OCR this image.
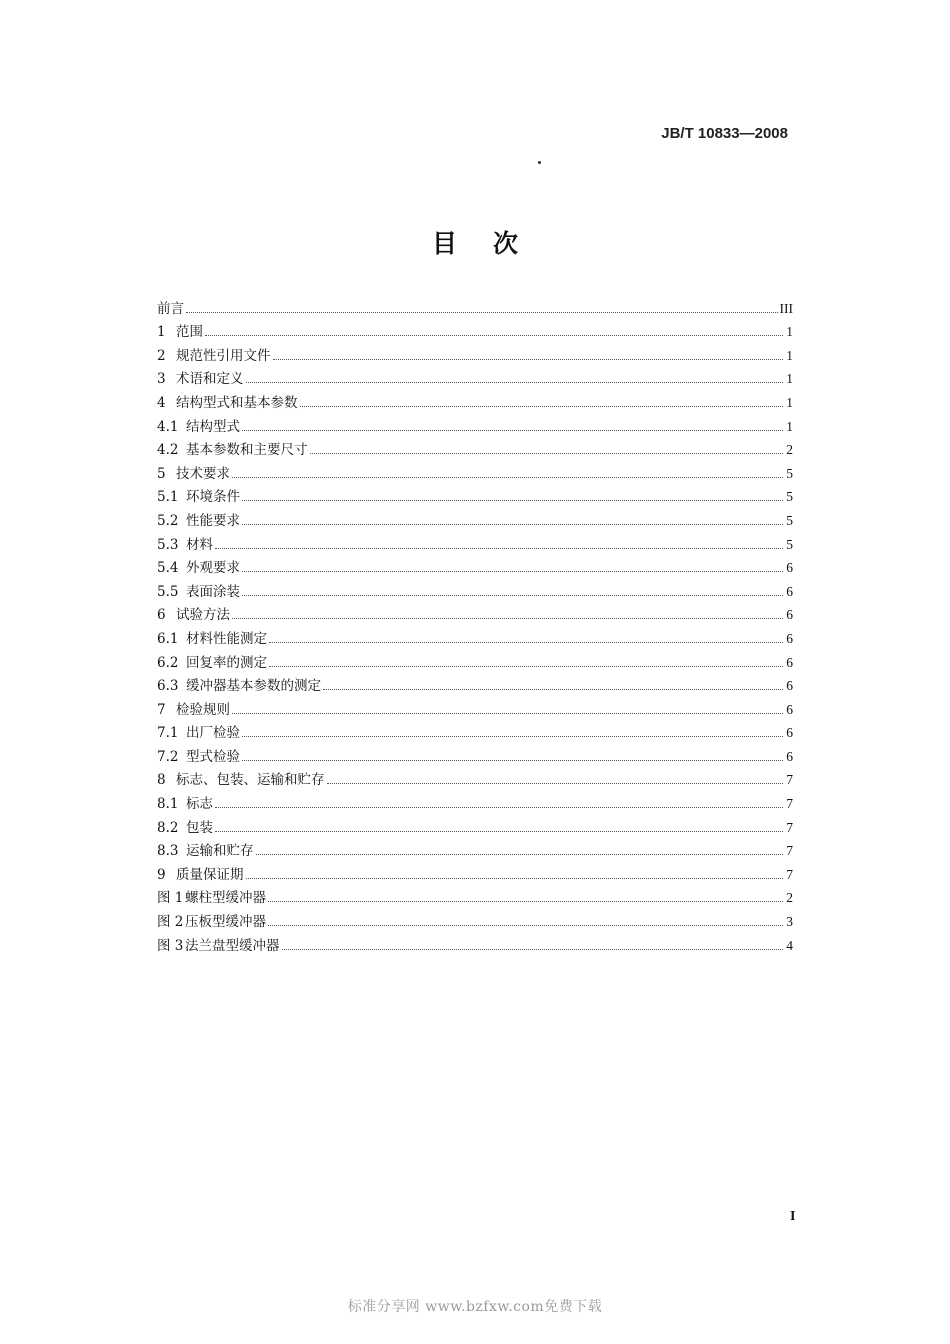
JB/T 10833—2008
目 次
前言	III
1 范围	1
2 规范性引用文件	1
3 术语和定义	1
4 结构型式和基本参数	1
4.1 结构型式	1
4.2 基本参数和主要尺寸	2
5 技术要求	5
5.1 环境条件	5
5.2 性能要求	5
5.3 材料	5
5.4 外观要求	6
5.5 表面涂装	6
6 试验方法	6
6.1 材料性能测定	6
6.2 回复率的测定	6
6.3 缓冲器基本参数的测定	6
7 检验规则	6
7.1 出厂检验	6
7.2 型式检验	6
8 标志、包装、运输和贮存	7
8.1 标志	7
8.2 包装	7
8.3 运输和贮存	7
9 质量保证期	7
图 1 螺柱型缓冲器	2
图 2 压板型缓冲器	3
图 3 法兰盘型缓冲器	4
I
标准分享网 www.bzfxw.com免费下载
